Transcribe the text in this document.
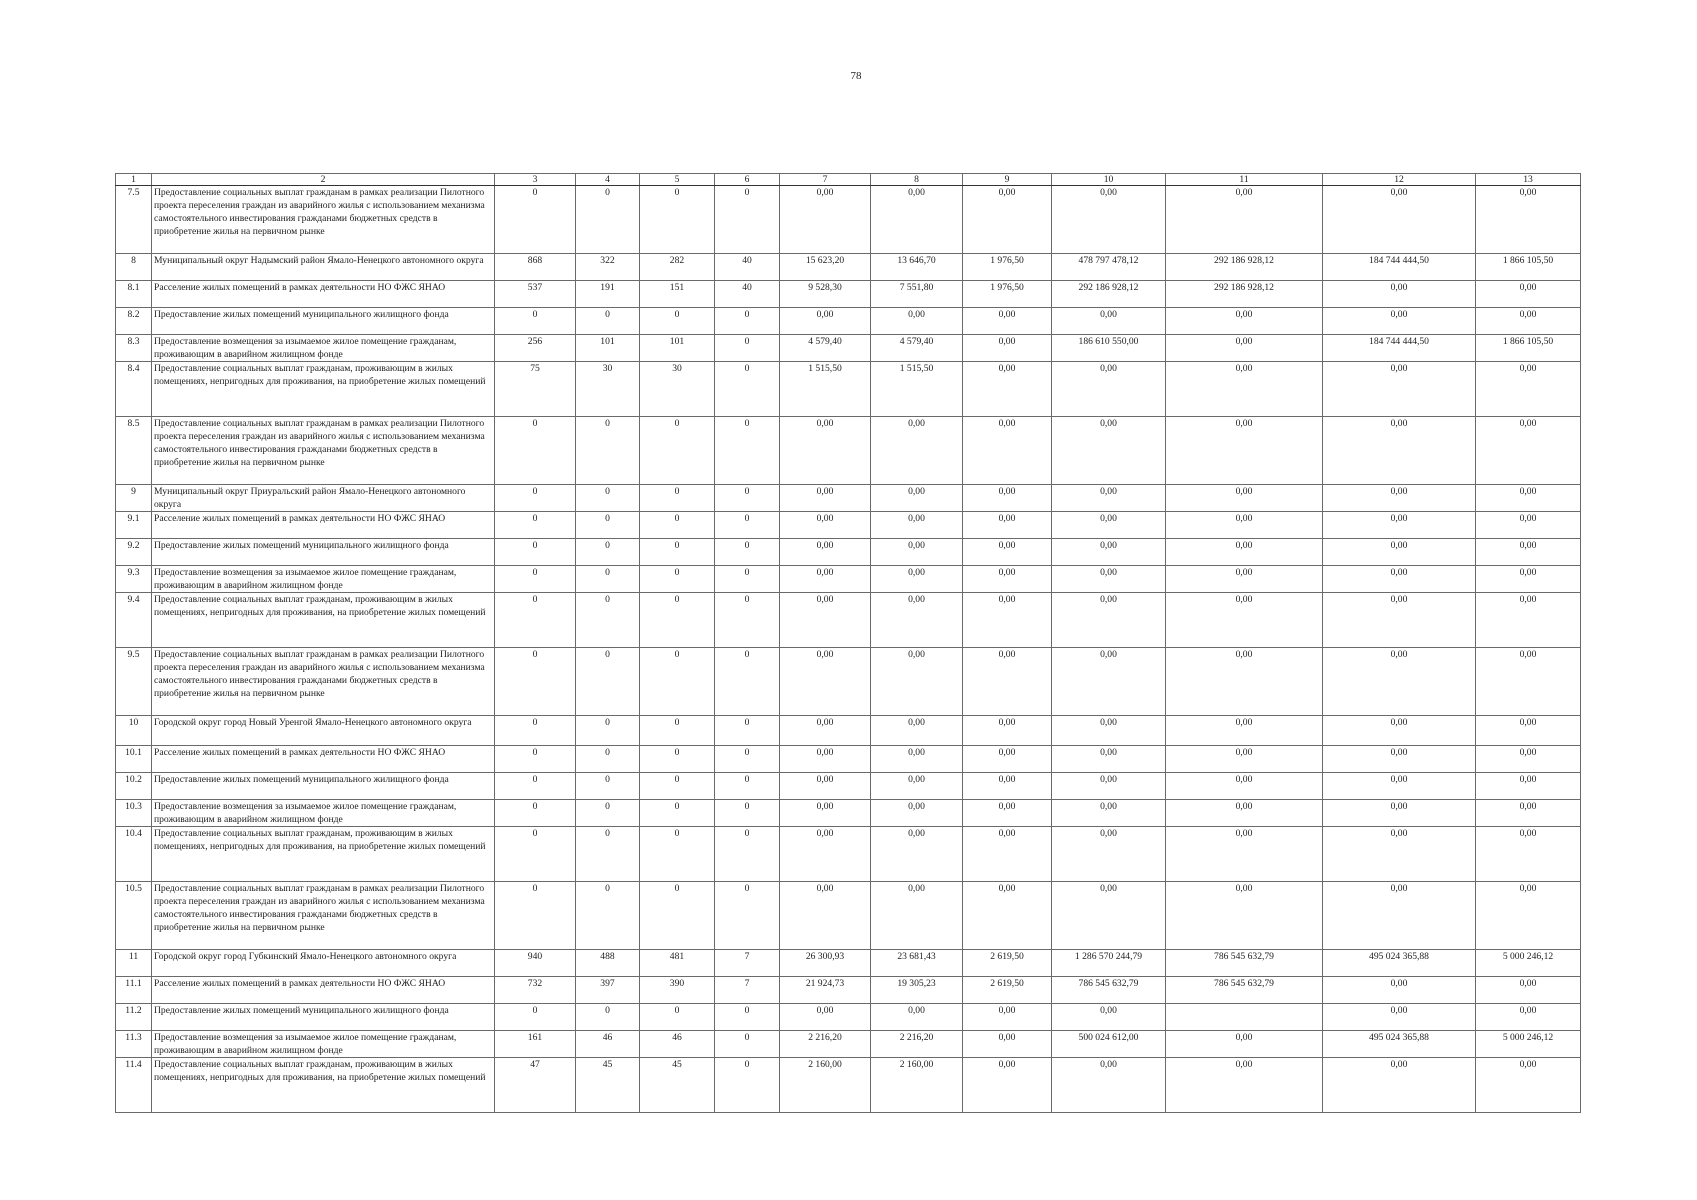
78
1	2	3	4	5	6	7	8	9	10	11	12	13
7.5	Предоставление социальных выплат гражданам в рамках реализации Пилотного проекта переселения граждан из аварийного жилья с использованием механизма самостоятельного инвестирования гражданами бюджетных средств в приобретение жилья на первичном рынке	0	0	0	0	0,00	0,00	0,00	0,00	0,00	0,00	0,00
8	Муниципальный округ Надымский район Ямало-Ненецкого автономного округа	868	322	282	40	15 623,20	13 646,70	1 976,50	478 797 478,12	292 186 928,12	184 744 444,50	1 866 105,50
8.1	Расселение жилых помещений в рамках деятельности НО ФЖС ЯНАО	537	191	151	40	9 528,30	7 551,80	1 976,50	292 186 928,12	292 186 928,12	0,00	0,00
8.2	Предоставление жилых помещений муниципального жилищного фонда	0	0	0	0	0,00	0,00	0,00	0,00	0,00	0,00	0,00
8.3	Предоставление возмещения за изымаемое жилое помещение гражданам, проживающим в аварийном жилищном фонде	256	101	101	0	4 579,40	4 579,40	0,00	186 610 550,00	0,00	184 744 444,50	1 866 105,50
8.4	Предоставление социальных выплат гражданам, проживающим в жилых помещениях, непригодных для проживания, на приобретение жилых помещений	75	30	30	0	1 515,50	1 515,50	0,00	0,00	0,00	0,00	0,00
8.5	Предоставление социальных выплат гражданам в рамках реализации Пилотного проекта переселения граждан из аварийного жилья с использованием механизма самостоятельного инвестирования гражданами бюджетных средств в приобретение жилья на первичном рынке	0	0	0	0	0,00	0,00	0,00	0,00	0,00	0,00	0,00
9	Муниципальный округ Приуральский район Ямало-Ненецкого автономного округа	0	0	0	0	0,00	0,00	0,00	0,00	0,00	0,00	0,00
9.1	Расселение жилых помещений в рамках деятельности НО ФЖС ЯНАО	0	0	0	0	0,00	0,00	0,00	0,00	0,00	0,00	0,00
9.2	Предоставление жилых помещений муниципального жилищного фонда	0	0	0	0	0,00	0,00	0,00	0,00	0,00	0,00	0,00
9.3	Предоставление возмещения за изымаемое жилое помещение гражданам, проживающим в аварийном жилищном фонде	0	0	0	0	0,00	0,00	0,00	0,00	0,00	0,00	0,00
9.4	Предоставление социальных выплат гражданам, проживающим в жилых помещениях, непригодных для проживания, на приобретение жилых помещений	0	0	0	0	0,00	0,00	0,00	0,00	0,00	0,00	0,00
9.5	Предоставление социальных выплат гражданам в рамках реализации Пилотного проекта переселения граждан из аварийного жилья с использованием механизма самостоятельного инвестирования гражданами бюджетных средств в приобретение жилья на первичном рынке	0	0	0	0	0,00	0,00	0,00	0,00	0,00	0,00	0,00
10	Городской округ город Новый Уренгой Ямало-Ненецкого автономного округа	0	0	0	0	0,00	0,00	0,00	0,00	0,00	0,00	0,00
10.1	Расселение жилых помещений в рамках деятельности НО ФЖС ЯНАО	0	0	0	0	0,00	0,00	0,00	0,00	0,00	0,00	0,00
10.2	Предоставление жилых помещений муниципального жилищного фонда	0	0	0	0	0,00	0,00	0,00	0,00	0,00	0,00	0,00
10.3	Предоставление возмещения за изымаемое жилое помещение гражданам, проживающим в аварийном жилищном фонде	0	0	0	0	0,00	0,00	0,00	0,00	0,00	0,00	0,00
10.4	Предоставление социальных выплат гражданам, проживающим в жилых помещениях, непригодных для проживания, на приобретение жилых помещений	0	0	0	0	0,00	0,00	0,00	0,00	0,00	0,00	0,00
10.5	Предоставление социальных выплат гражданам в рамках реализации Пилотного проекта переселения граждан из аварийного жилья с использованием механизма самостоятельного инвестирования гражданами бюджетных средств в приобретение жилья на первичном рынке	0	0	0	0	0,00	0,00	0,00	0,00	0,00	0,00	0,00
11	Городской округ город Губкинский Ямало-Ненецкого автономного округа	940	488	481	7	26 300,93	23 681,43	2 619,50	1 286 570 244,79	786 545 632,79	495 024 365,88	5 000 246,12
11.1	Расселение жилых помещений в рамках деятельности НО ФЖС ЯНАО	732	397	390	7	21 924,73	19 305,23	2 619,50	786 545 632,79	786 545 632,79	0,00	0,00
11.2	Предоставление жилых помещений муниципального жилищного фонда	0	0	0	0	0,00	0,00	0,00	0,00		0,00	0,00
11.3	Предоставление возмещения за изымаемое жилое помещение гражданам, проживающим в аварийном жилищном фонде	161	46	46	0	2 216,20	2 216,20	0,00	500 024 612,00	0,00	495 024 365,88	5 000 246,12
11.4	Предоставление социальных выплат гражданам, проживающим в жилых помещениях, непригодных для проживания, на приобретение жилых помещений	47	45	45	0	2 160,00	2 160,00	0,00	0,00	0,00	0,00	0,00
